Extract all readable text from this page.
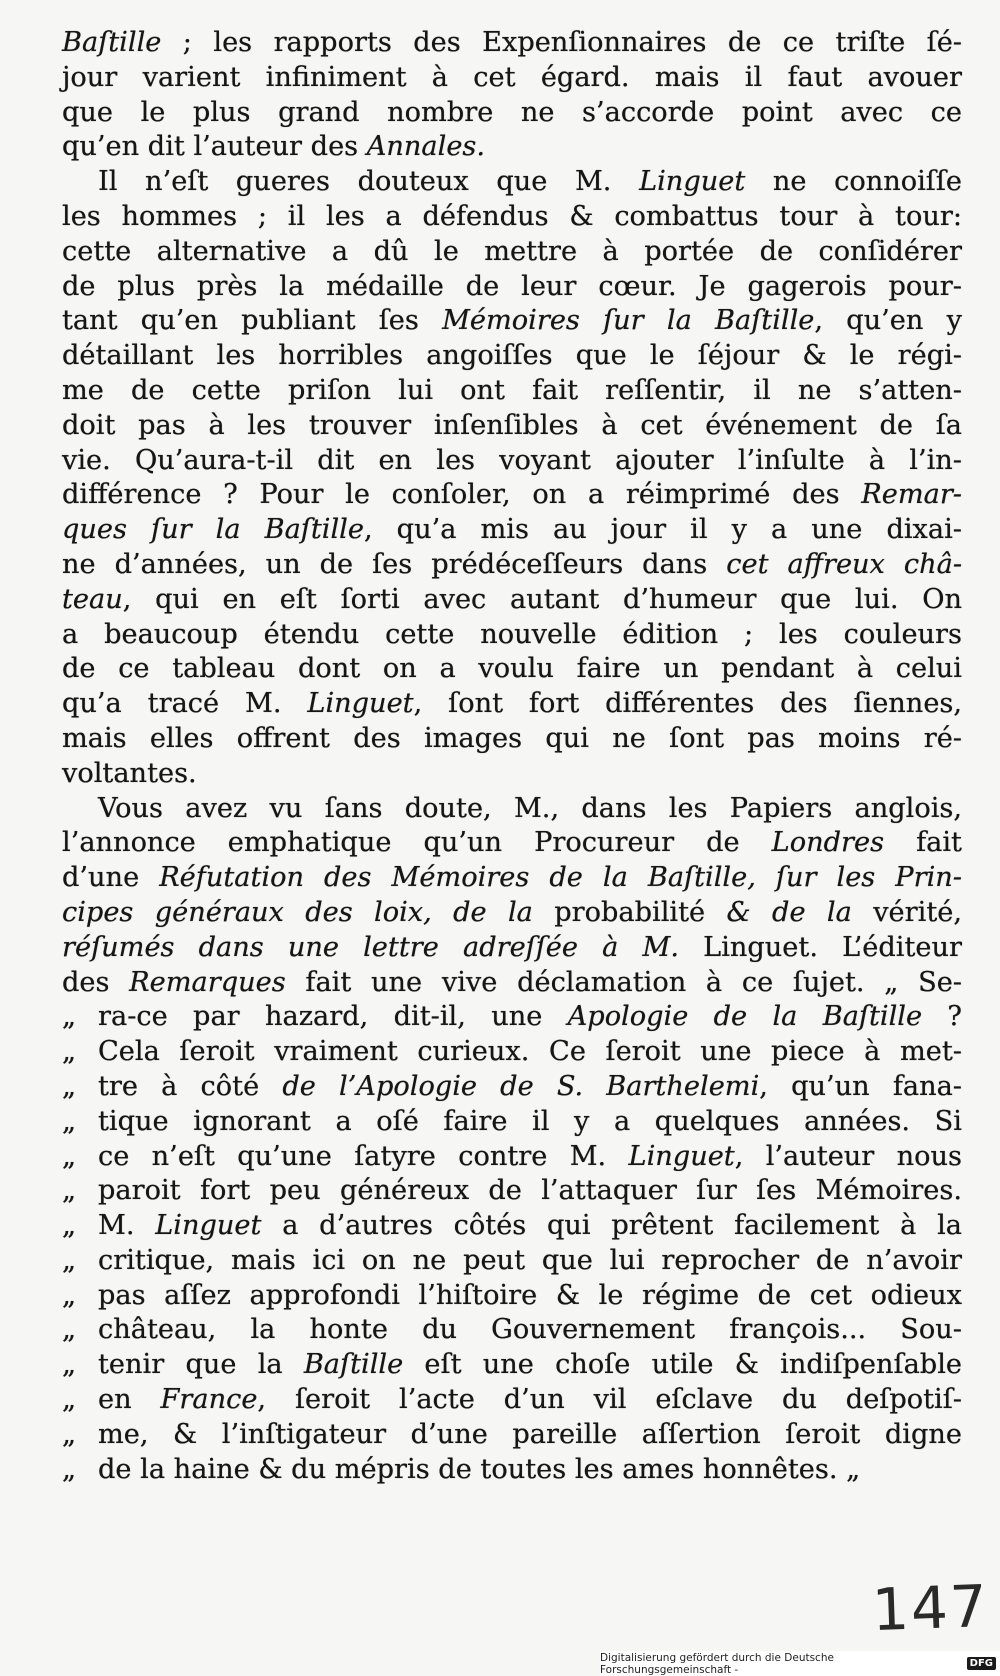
Baſtille ; les rapports des Expenſionnaires de ce triſte ſé-
jour varient infiniment à cet égard. mais il faut avouer
que le plus grand nombre ne s’accorde point avec ce
qu’en dit l’auteur des Annales.
Il n’eſt gueres douteux que M. Linguet ne connoiſſe
les hommes ; il les a défendus & combattus tour à tour:
cette alternative a dû le mettre à portée de conſidérer
de plus près la médaille de leur cœur. Je gagerois pour-
tant qu’en publiant ſes Mémoires ſur la Baſtille, qu’en y
détaillant les horribles angoiſſes que le ſéjour & le régi-
me de cette priſon lui ont fait reſſentir, il ne s’atten-
doit pas à les trouver inſenſibles à cet événement de ſa
vie. Qu’aura-t-il dit en les voyant ajouter l’inſulte à l’in-
différence ? Pour le conſoler, on a réimprimé des Remar-
ques ſur la Baſtille, qu’a mis au jour il y a une dixai-
ne d’années, un de ſes prédéceſſeurs dans cet affreux châ-
teau, qui en eſt ſorti avec autant d’humeur que lui. On
a beaucoup étendu cette nouvelle édition ; les couleurs
de ce tableau dont on a voulu faire un pendant à celui
qu’a tracé M. Linguet, ſont fort différentes des ſiennes,
mais elles offrent des images qui ne ſont pas moins ré-
voltantes.
Vous avez vu ſans doute, M., dans les Papiers anglois,
l’annonce emphatique qu’un Procureur de Londres fait
d’une Réfutation des Mémoires de la Baſtille, ſur les Prin-
cipes généraux des loix, de la probabilité & de la vérité,
réſumés dans une lettre adreſſée à M. Linguet. L’éditeur
des Remarques fait une vive déclamation à ce ſujet. „ Se-
„ ra-ce par hazard, dit-il, une Apologie de la Baſtille ?
„ Cela ſeroit vraiment curieux. Ce ſeroit une piece à met-
„ tre à côté de l’Apologie de S. Barthelemi, qu’un fana-
„ tique ignorant a oſé faire il y a quelques années. Si
„ ce n’eſt qu’une ſatyre contre M. Linguet, l’auteur nous
„ paroit fort peu généreux de l’attaquer ſur ſes Mémoires.
„ M. Linguet a d’autres côtés qui prêtent facilement à la
„ critique, mais ici on ne peut que lui reprocher de n’avoir
„ pas aſſez approfondi l’hiſtoire & le régime de cet odieux
„ château, la honte du Gouvernement françois... Sou-
„ tenir que la Baſtille eſt une choſe utile & indiſpenſable
„ en France, ſeroit l’acte d’un vil eſclave du deſpotiſ-
„ me, & l’inſtigateur d’une pareille aſſertion ſeroit digne
„ de la haine & du mépris de toutes les ames honnêtes. „
147
Digitalisierung gefördert durch die Deutsche Forschungsgemeinschaft -	DFG
